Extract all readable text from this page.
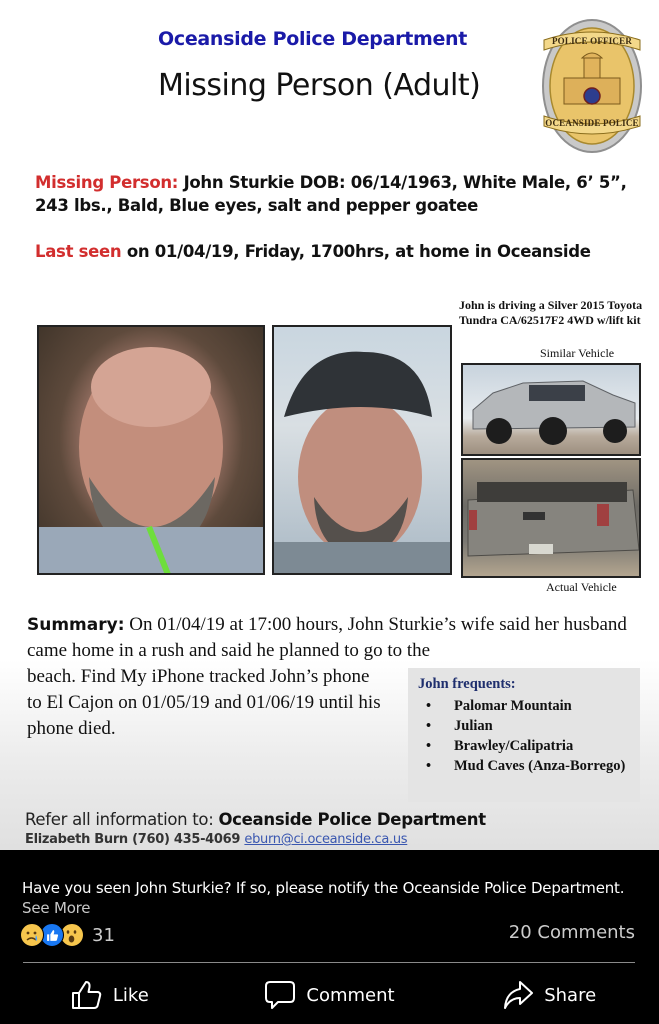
Oceanside Police Department
Missing Person (Adult)
POLICE OFFICER
OCEANSIDE POLICE
Missing Person: John Sturkie DOB: 06/14/1963, White Male, 6’ 5”, 243 lbs., Bald, Blue eyes, salt and pepper goatee
Last seen on 01/04/19, Friday, 1700hrs, at home in Oceanside
John is driving a Silver 2015 Toyota Tundra CA/62517F2 4WD w/lift kit
Similar Vehicle
Actual Vehicle
Summary: On 01/04/19 at 17:00 hours, John Sturkie’s wife said her husband came home in a rush and said he planned to go to the
beach. Find My iPhone tracked John’s phone to El Cajon on 01/05/19 and 01/06/19 until his phone died.
John frequents:
• Palomar Mountain
• Julian
• Brawley/Calipatria
• Mud Caves (Anza-Borrego)
Refer all information to: Oceanside Police Department
Elizabeth Burn (760) 435-4069 eburn@ci.oceanside.ca.us
Have you seen John Sturkie? If so, please notify the Oceanside Police Department. See More
31	20 Comments
Like	Comment	Share
